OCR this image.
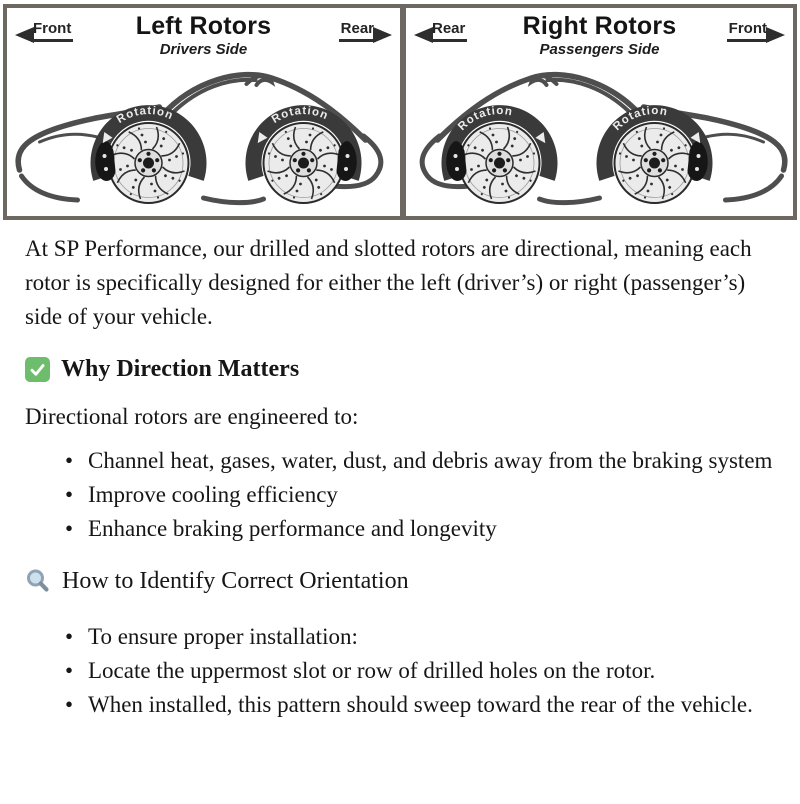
Front	Left Rotors
Drivers Side
Rear
Rotation	Rotation
Rear	Right Rotors
Passengers Side
Front
Rotation
Rotation

At SP Performance, our drilled and slotted rotors are directional, meaning each rotor is specifically designed for either the left (driver’s) or right (passenger’s) side of your vehicle.

Why Direction Matters

Directional rotors are engineered to:

• Channel heat, gases, water, dust, and debris away from the braking system
• Improve cooling efficiency
• Enhance braking performance and longevity
How to Identify Correct Orientation
• To ensure proper installation:
• Locate the uppermost slot or row of drilled holes on the rotor.
• When installed, this pattern should sweep toward the rear of the vehicle.
